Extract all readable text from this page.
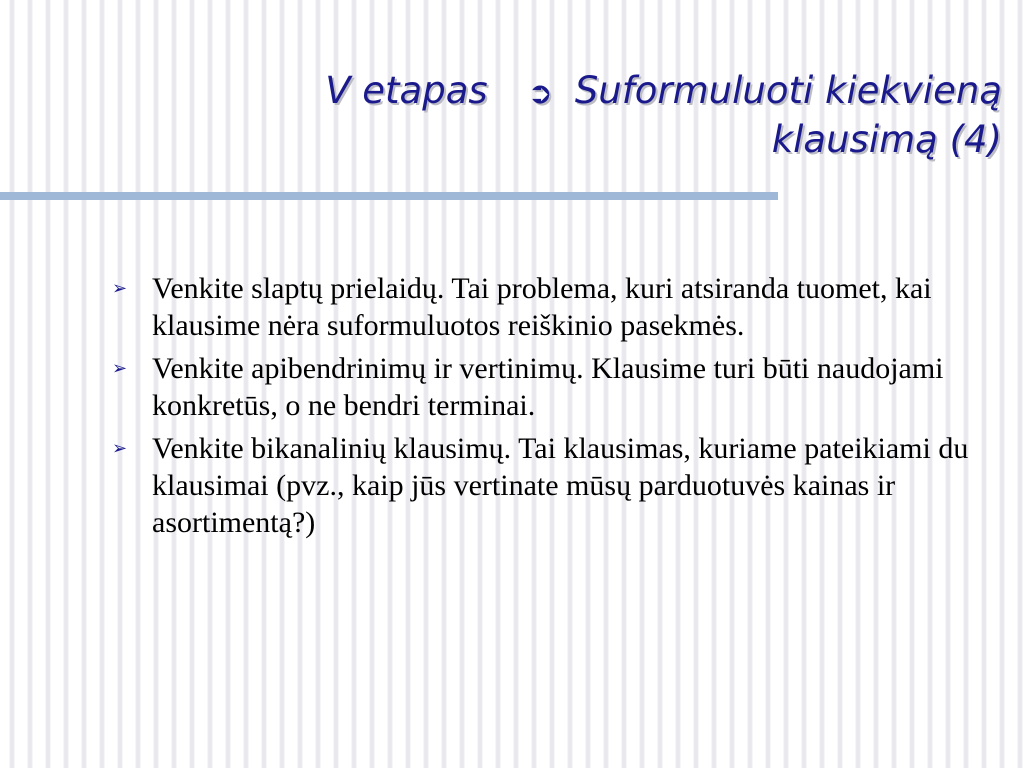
V etapas ➲ Suformuluoti kiekvieną
klausimą (4)
➢ Venkite slaptų prielaidų. Tai problema, kuri atsiranda tuomet, kai klausime nėra suformuluotos reiškinio pasekmės.
➢ Venkite apibendrinimų ir vertinimų. Klausime turi būti naudojami konkretūs, o ne bendri terminai.
➢ Venkite bikanalinių klausimų. Tai klausimas, kuriame pateikiami du klausimai (pvz., kaip jūs vertinate mūsų parduotuvės kainas ir asortimentą?)
